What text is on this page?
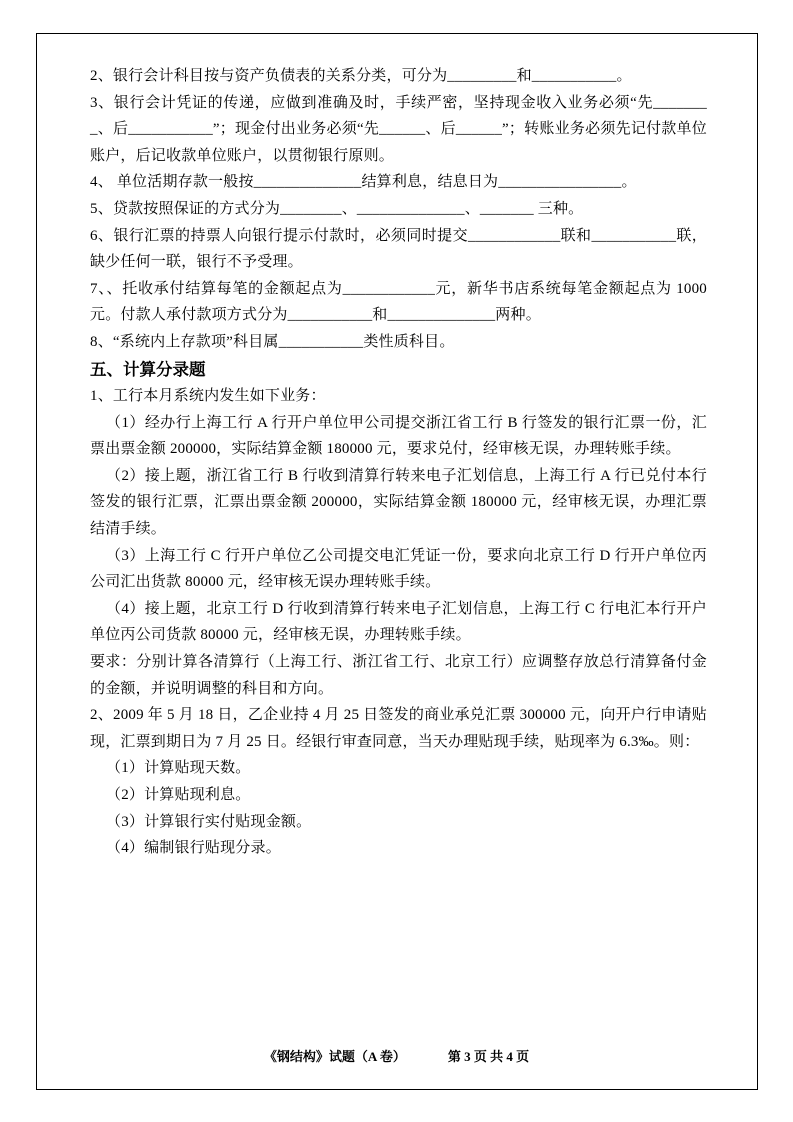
2、银行会计科目按与资产负债表的关系分类，可分为_________和___________。

3、银行会计凭证的传递，应做到准确及时，手续严密，坚持现金收入业务必须“先________、后___________”；现金付出业务必须“先______、后______”；转账业务必须先记付款单位账户，后记收款单位账户，以贯彻银行原则。

4、 单位活期存款一般按______________结算利息，结息日为________________。

5、贷款按照保证的方式分为________、______________、_______ 三种。

6、银行汇票的持票人向银行提示付款时，必须同时提交____________联和___________联，缺少任何一联，银行不予受理。

7、、托收承付结算每笔的金额起点为____________元，新华书店系统每笔金额起点为 1000 元。付款人承付款项方式分为___________和______________两种。

8、“系统内上存款项”科目属___________类性质科目。

五、计算分录题

1、工行本月系统内发生如下业务：

（1）经办行上海工行 A 行开户单位甲公司提交浙江省工行 B 行签发的银行汇票一份，汇票出票金额 200000，实际结算金额 180000 元，要求兑付，经审核无误，办理转账手续。

（2）接上题，浙江省工行 B 行收到清算行转来电子汇划信息，上海工行 A 行已兑付本行签发的银行汇票，汇票出票金额 200000，实际结算金额 180000 元，经审核无误，办理汇票结清手续。

（3）上海工行 C 行开户单位乙公司提交电汇凭证一份，要求向北京工行 D 行开户单位丙公司汇出货款 80000 元，经审核无误办理转账手续。

（4）接上题，北京工行 D 行收到清算行转来电子汇划信息，上海工行 C 行电汇本行开户单位丙公司货款 80000 元，经审核无误，办理转账手续。

要求：分别计算各清算行（上海工行、浙江省工行、北京工行）应调整存放总行清算备付金的金额，并说明调整的科目和方向。

2、2009 年 5 月 18 日，乙企业持 4 月 25 日签发的商业承兑汇票 300000 元，向开户行申请贴现，汇票到期日为 7 月 25 日。经银行审查同意，当天办理贴现手续，贴现率为 6.3‰。则：

（1）计算贴现天数。

（2）计算贴现利息。

（3）计算银行实付贴现金额。

（4）编制银行贴现分录。

《钢结构》试题（A 卷）	第 3 页 共 4 页
